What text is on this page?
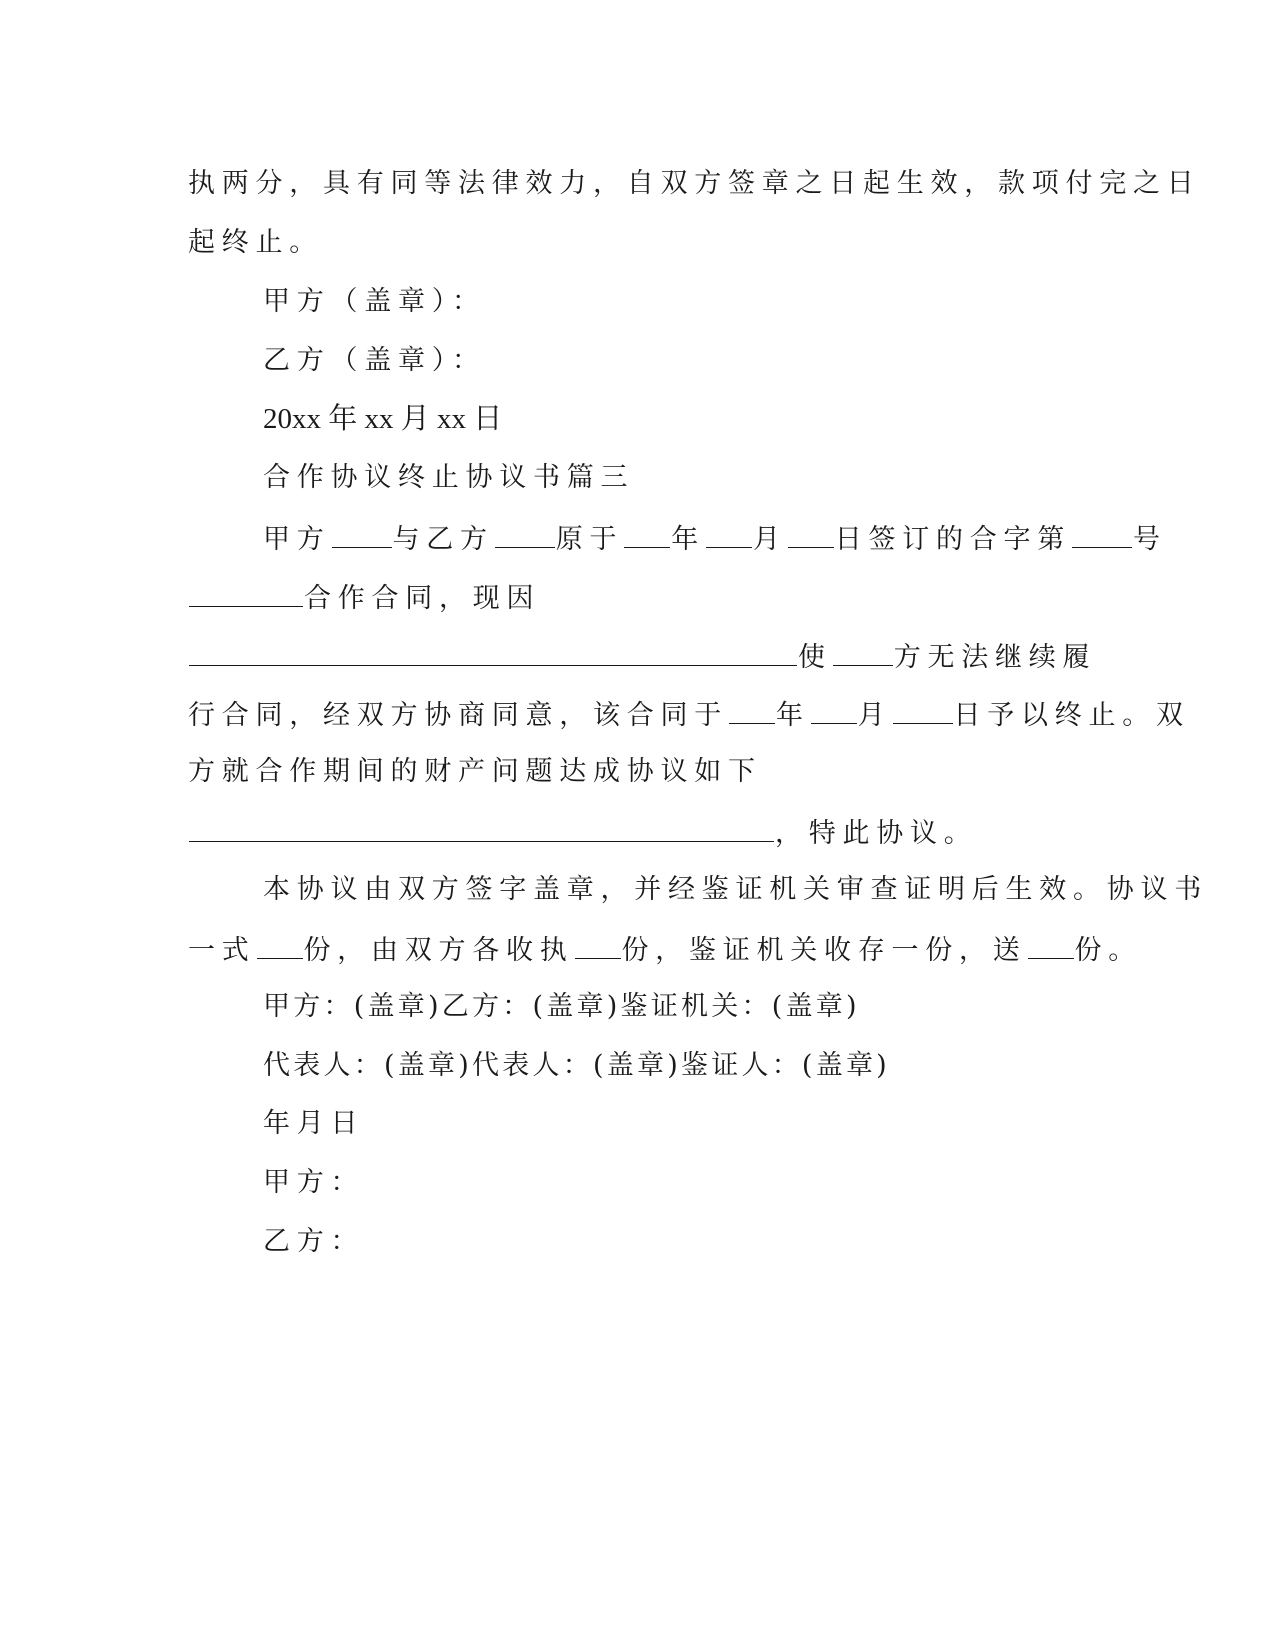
执两分，具有同等法律效力，自双方签章之日起生效，款项付完之日
起终止。
甲方（盖章）：
乙方（盖章）：
20xx 年 xx 月 xx 日
合作协议终止协议书篇三
甲方 与乙方 原于 年 月 日签订的合字第 号
合作合同，现因
使 方无法继续履
行合同，经双方协商同意，该合同于 年 月 日予以终止。双
方就合作期间的财产问题达成协议如下
，特此协议。
本协议由双方签字盖章，并经鉴证机关审查证明后生效。协议书
一式 份，由双方各收执 份，鉴证机关收存一份，送 份。
甲方：(盖章)乙方：(盖章)鉴证机关：(盖章)
代表人：(盖章)代表人：(盖章)鉴证人：(盖章)
年月日
甲方：
乙方：
